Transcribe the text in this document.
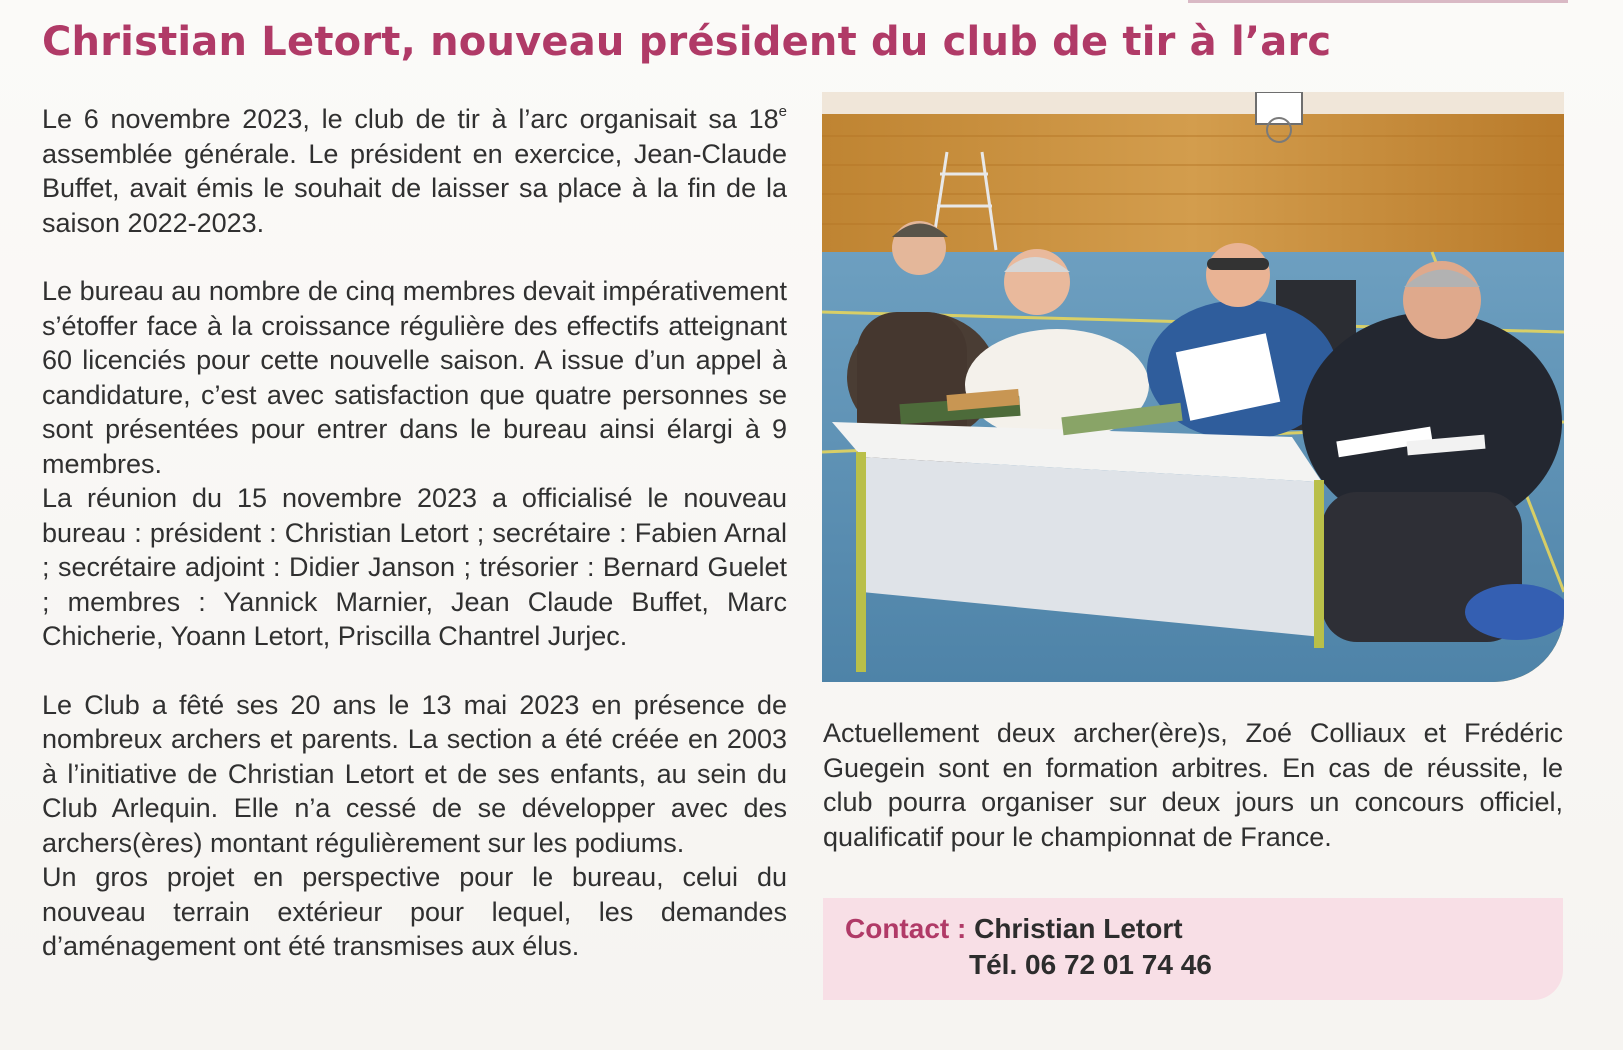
Christian Letort, nouveau président du club de tir à l’arc

Le 6 novembre 2023, le club de tir à l’arc organisait sa 18e assemblée générale. Le président en exercice, Jean-Claude Buffet, avait émis le souhait de laisser sa place à la fin de la saison 2022-2023.

Le bureau au nombre de cinq membres devait impérativement s’étoffer face à la croissance régulière des effectifs atteignant 60 licenciés pour cette nouvelle saison. A issue d’un appel à candidature, c’est avec satisfaction que quatre personnes se sont présentées pour entrer dans le bureau ainsi élargi à 9 membres.

La réunion du 15 novembre 2023 a officialisé le nouveau bureau : président : Christian Letort ; secrétaire : Fabien Arnal ; secrétaire adjoint : Didier Janson ; trésorier : Bernard Guelet ; membres : Yannick Marnier, Jean Claude Buffet, Marc Chicherie, Yoann Letort, Priscilla Chantrel Jurjec.

Le Club a fêté ses 20 ans le 13 mai 2023 en présence de nombreux archers et parents. La section a été créée en 2003 à l’initiative de Christian Letort et de ses enfants, au sein du Club Arlequin. Elle n’a cessé de se développer avec des archers(ères) montant régulièrement sur les podiums.

Un gros projet en perspective pour le bureau, celui du nouveau terrain extérieur pour lequel, les demandes d’aménagement ont été transmises aux élus.

Actuellement deux archer(ère)s, Zoé Colliaux et Frédéric Guegein sont en formation arbitres. En cas de réussite, le club pourra organiser sur deux jours un concours officiel, qualificatif pour le championnat de France.

Contact : Christian Letort
Tél. 06 72 01 74 46
